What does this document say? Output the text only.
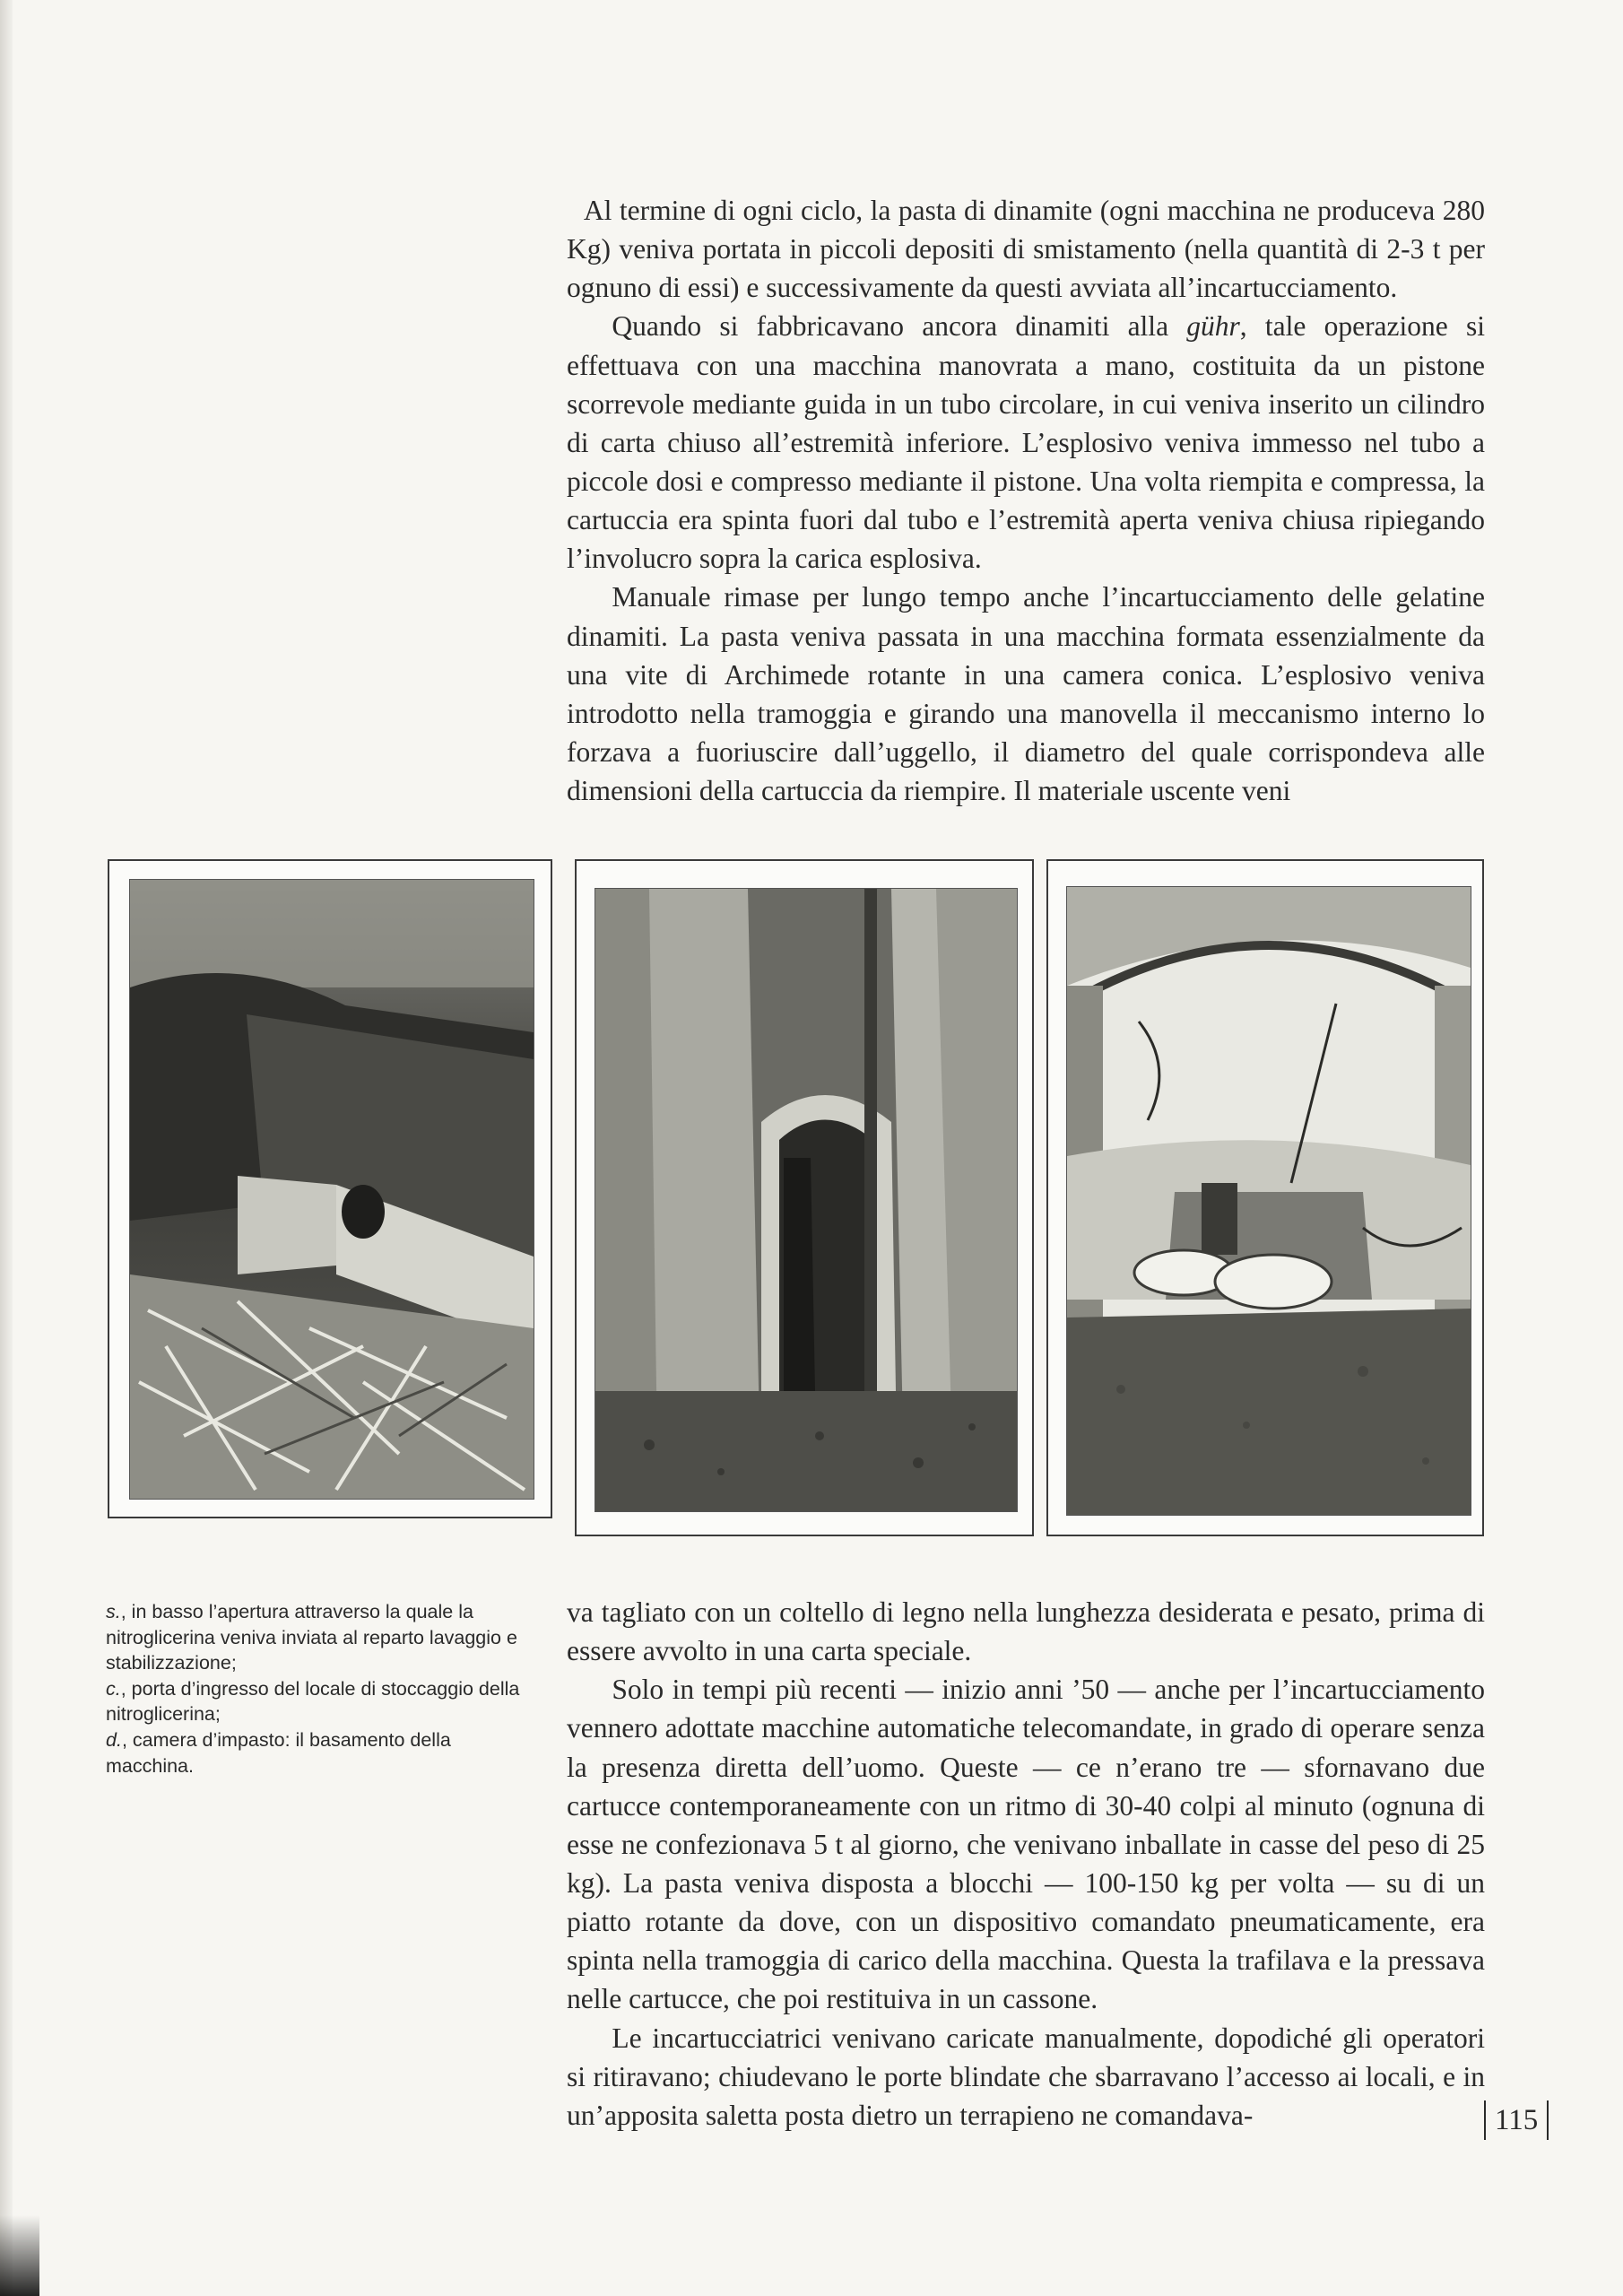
Al termine di ogni ciclo, la pasta di dinamite (ogni macchina ne produceva 280 Kg) veniva portata in piccoli depositi di smistamento (nella quantità di 2-3 t per ognuno di essi) e successivamente da questi avviata all’incartucciamento.

Quando si fabbricavano ancora dinamiti alla gühr, tale operazione si effettuava con una macchina manovrata a mano, costituita da un pistone scorrevole mediante guida in un tubo circolare, in cui veniva inserito un cilindro di carta chiuso all’estremità inferiore. L’esplosivo veniva immesso nel tubo a piccole dosi e compresso mediante il pistone. Una volta riempita e compressa, la cartuccia era spinta fuori dal tubo e l’estremità aperta veniva chiusa ripiegando l’involucro sopra la carica esplosiva.

Manuale rimase per lungo tempo anche l’incartucciamento delle gelatine dinamiti. La pasta veniva passata in una macchina formata essenzialmente da una vite di Archimede rotante in una camera conica. L’esplosivo veniva introdotto nella tramoggia e girando una manovella il meccanismo interno lo forzava a fuoriuscire dall’uggello, il diametro del quale corrispondeva alle dimensioni della cartuccia da riempire. Il materiale uscente veni

s., in basso l’apertura attraverso la quale la nitroglicerina veniva inviata al reparto lavaggio e stabilizzazione;

c., porta d’ingresso del locale di stoccaggio della nitroglicerina;

d., camera d’impasto: il basamento della macchina.

va tagliato con un coltello di legno nella lunghezza desiderata e pesato, prima di essere avvolto in una carta speciale.

Solo in tempi più recenti — inizio anni ’50 — anche per l’incartucciamento vennero adottate macchine automatiche telecomandate, in grado di operare senza la presenza diretta dell’uomo. Queste — ce n’erano tre — sfornavano due cartucce contemporaneamente con un ritmo di 30-40 colpi al minuto (ognuna di esse ne confezionava 5 t al giorno, che venivano inballate in casse del peso di 25 kg). La pasta veniva disposta a blocchi — 100-150 kg per volta — su di un piatto rotante da dove, con un dispositivo comandato pneumaticamente, era spinta nella tramoggia di carico della macchina. Questa la trafilava e la pressava nelle cartucce, che poi restituiva in un cassone.

Le incartucciatrici venivano caricate manualmente, dopodiché gli operatori si ritiravano; chiudevano le porte blindate che sbarravano l’accesso ai locali, e in un’apposita saletta posta dietro un terrapieno ne comandava-	115
